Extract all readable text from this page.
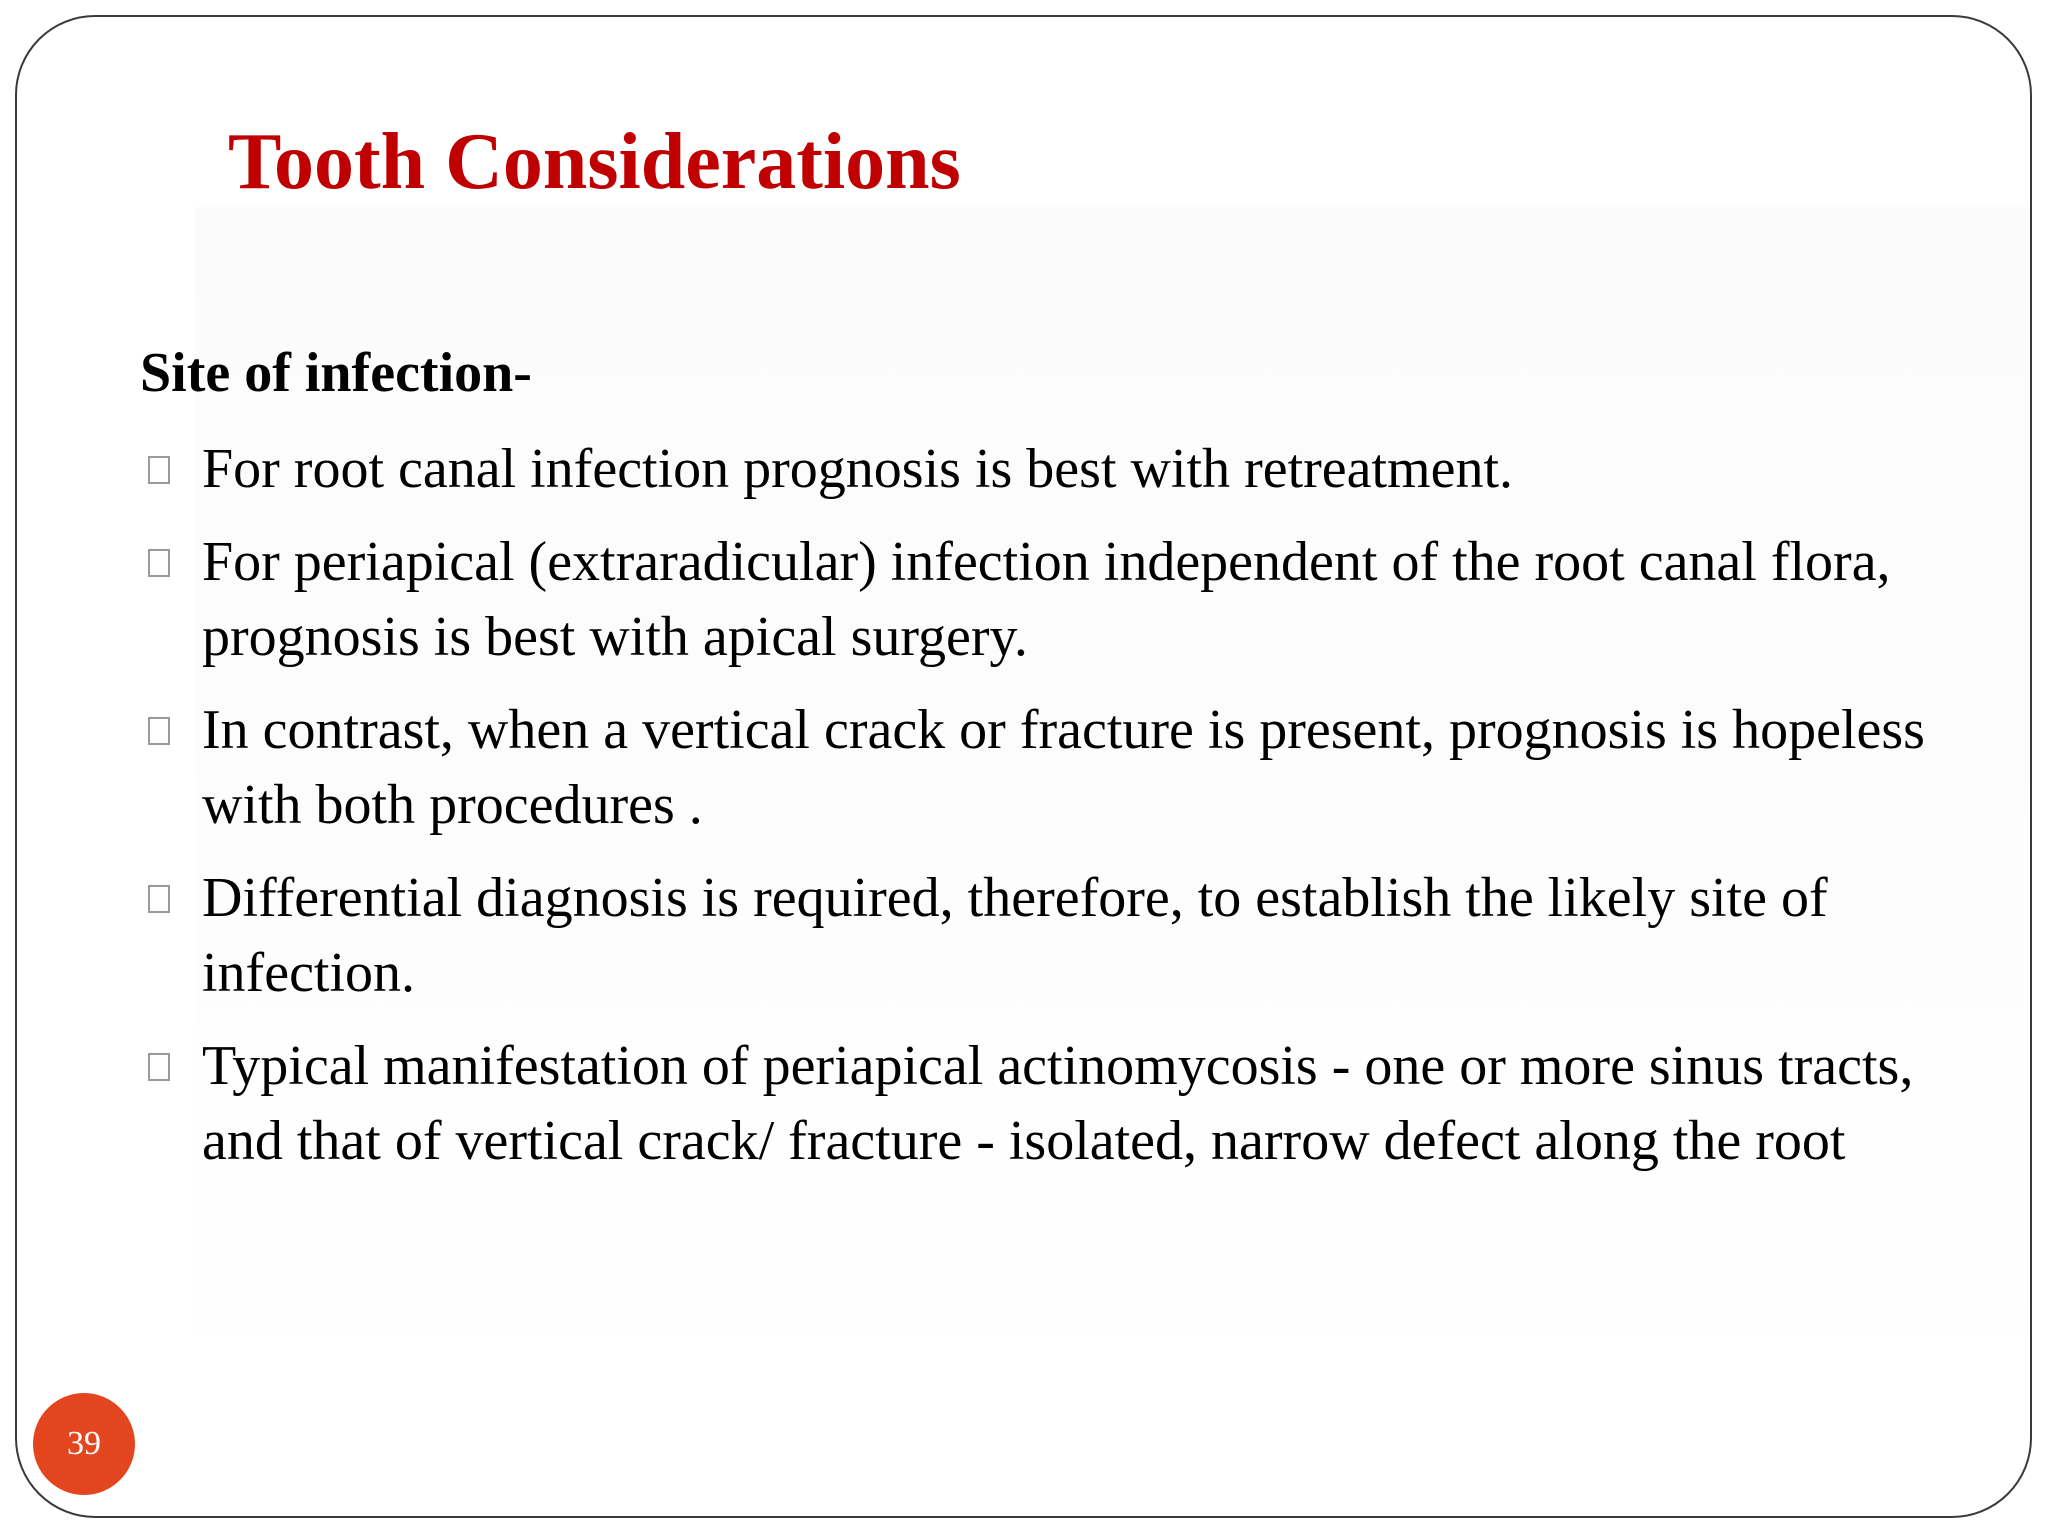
Tooth Considerations

Site of infection-

For root canal infection prognosis is best with retreatment.
For periapical (extraradicular) infection independent of the root canal flora, prognosis is best with apical surgery.
In contrast, when a vertical crack or fracture is present, prognosis is hopeless with both procedures .
Differential diagnosis is required, therefore, to establish the likely site of infection.
Typical manifestation of periapical actinomycosis - one or more sinus tracts, and that of vertical crack/ fracture - isolated, narrow defect along the root
39
